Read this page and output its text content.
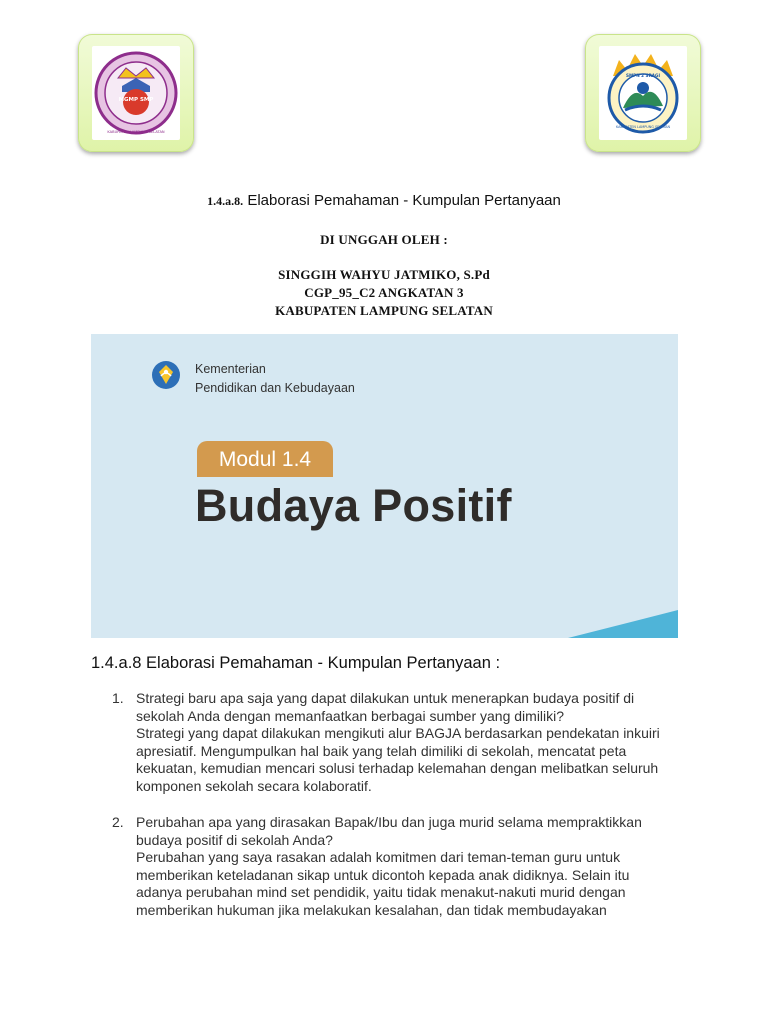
MGMP SMP
KABUPATEN LAMPUNG SELATAN
SMPN 2 SRAGI
KABUPATEN LAMPUNG SELATAN
1.4.a.8. Elaborasi Pemahaman - Kumpulan Pertanyaan
DI UNGGAH OLEH :
SINGGIH WAHYU JATMIKO, S.Pd
CGP_95_C2 ANGKATAN 3
KABUPATEN LAMPUNG SELATAN
Kementerian
Pendidikan dan Kebudayaan
Modul 1.4
Budaya Positif
1.4.a.8 Elaborasi Pemahaman - Kumpulan Pertanyaan :
1. Strategi baru apa saja yang dapat dilakukan untuk menerapkan budaya positif di
sekolah Anda dengan memanfaatkan berbagai sumber yang dimiliki?
Strategi yang dapat dilakukan mengikuti alur BAGJA berdasarkan pendekatan inkuiri
apresiatif. Mengumpulkan hal baik yang telah dimiliki di sekolah, mencatat peta
kekuatan, kemudian mencari solusi terhadap kelemahan dengan melibatkan seluruh
komponen sekolah secara kolaboratif.
2. Perubahan apa yang dirasakan Bapak/Ibu dan juga murid selama mempraktikkan
budaya positif di sekolah Anda?
Perubahan yang saya rasakan adalah komitmen dari teman-teman guru untuk
memberikan keteladanan sikap untuk dicontoh kepada anak didiknya. Selain itu
adanya perubahan mind set pendidik, yaitu tidak menakut-nakuti murid dengan
memberikan hukuman jika melakukan kesalahan, dan tidak membudayakan
